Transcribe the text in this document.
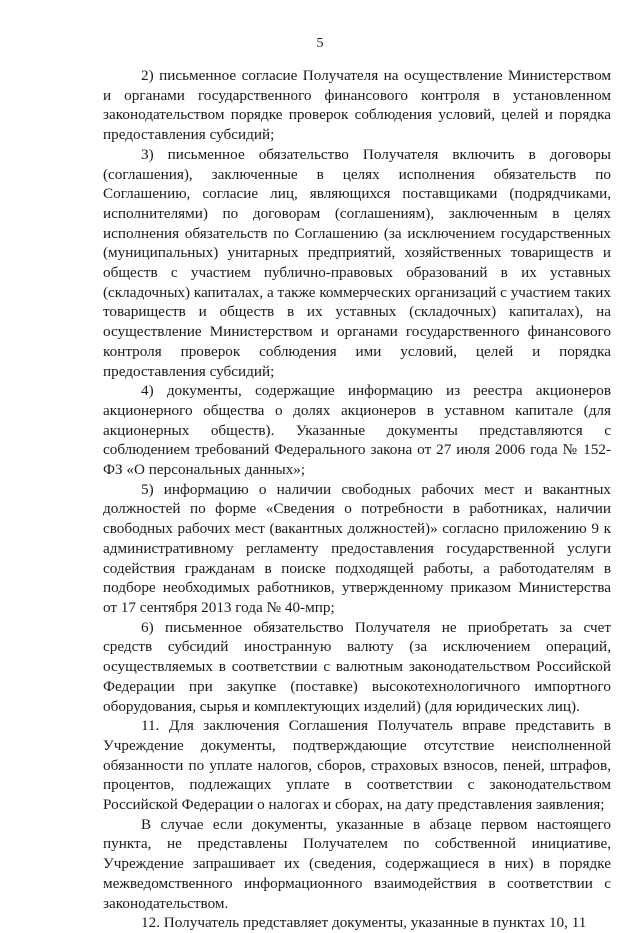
5

2) письменное согласие Получателя на осуществление Министерством и органами государственного финансового контроля в установленном законодательством порядке проверок соблюдения условий, целей и порядка предоставления субсидий;

3) письменное обязательство Получателя включить в договоры (соглашения), заключенные в целях исполнения обязательств по Соглашению, согласие лиц, являющихся поставщиками (подрядчиками, исполнителями) по договорам (соглашениям), заключенным в целях исполнения обязательств по Соглашению (за исключением государственных (муниципальных) унитарных предприятий, хозяйственных товариществ и обществ с участием публично-правовых образований в их уставных (складочных) капиталах, а также коммерческих организаций с участием таких товариществ и обществ в их уставных (складочных) капиталах), на осуществление Министерством и органами государственного финансового контроля проверок соблюдения ими условий, целей и порядка предоставления субсидий;

4) документы, содержащие информацию из реестра акционеров акционерного общества о долях акционеров в уставном капитале (для акционерных обществ). Указанные документы представляются с соблюдением требований Федерального закона от 27 июля 2006 года № 152-ФЗ «О персональных данных»;

5) информацию о наличии свободных рабочих мест и вакантных должностей по форме «Сведения о потребности в работниках, наличии свободных рабочих мест (вакантных должностей)» согласно приложению 9 к административному регламенту предоставления государственной услуги содействия гражданам в поиске подходящей работы, а работодателям в подборе необходимых работников, утвержденному приказом Министерства от 17 сентября 2013 года № 40-мпр;

6) письменное обязательство Получателя не приобретать за счет средств субсидий иностранную валюту (за исключением операций, осуществляемых в соответствии с валютным законодательством Российской Федерации при закупке (поставке) высокотехнологичного импортного оборудования, сырья и комплектующих изделий) (для юридических лиц).

11. Для заключения Соглашения Получатель вправе представить в Учреждение документы, подтверждающие отсутствие неисполненной обязанности по уплате налогов, сборов, страховых взносов, пеней, штрафов, процентов, подлежащих уплате в соответствии с законодательством Российской Федерации о налогах и сборах, на дату представления заявления;

В случае если документы, указанные в абзаце первом настоящего пункта, не представлены Получателем по собственной инициативе, Учреждение запрашивает их (сведения, содержащиеся в них) в порядке межведомственного информационного взаимодействия в соответствии с законодательством.

12. Получатель представляет документы, указанные в пунктах 10, 11
